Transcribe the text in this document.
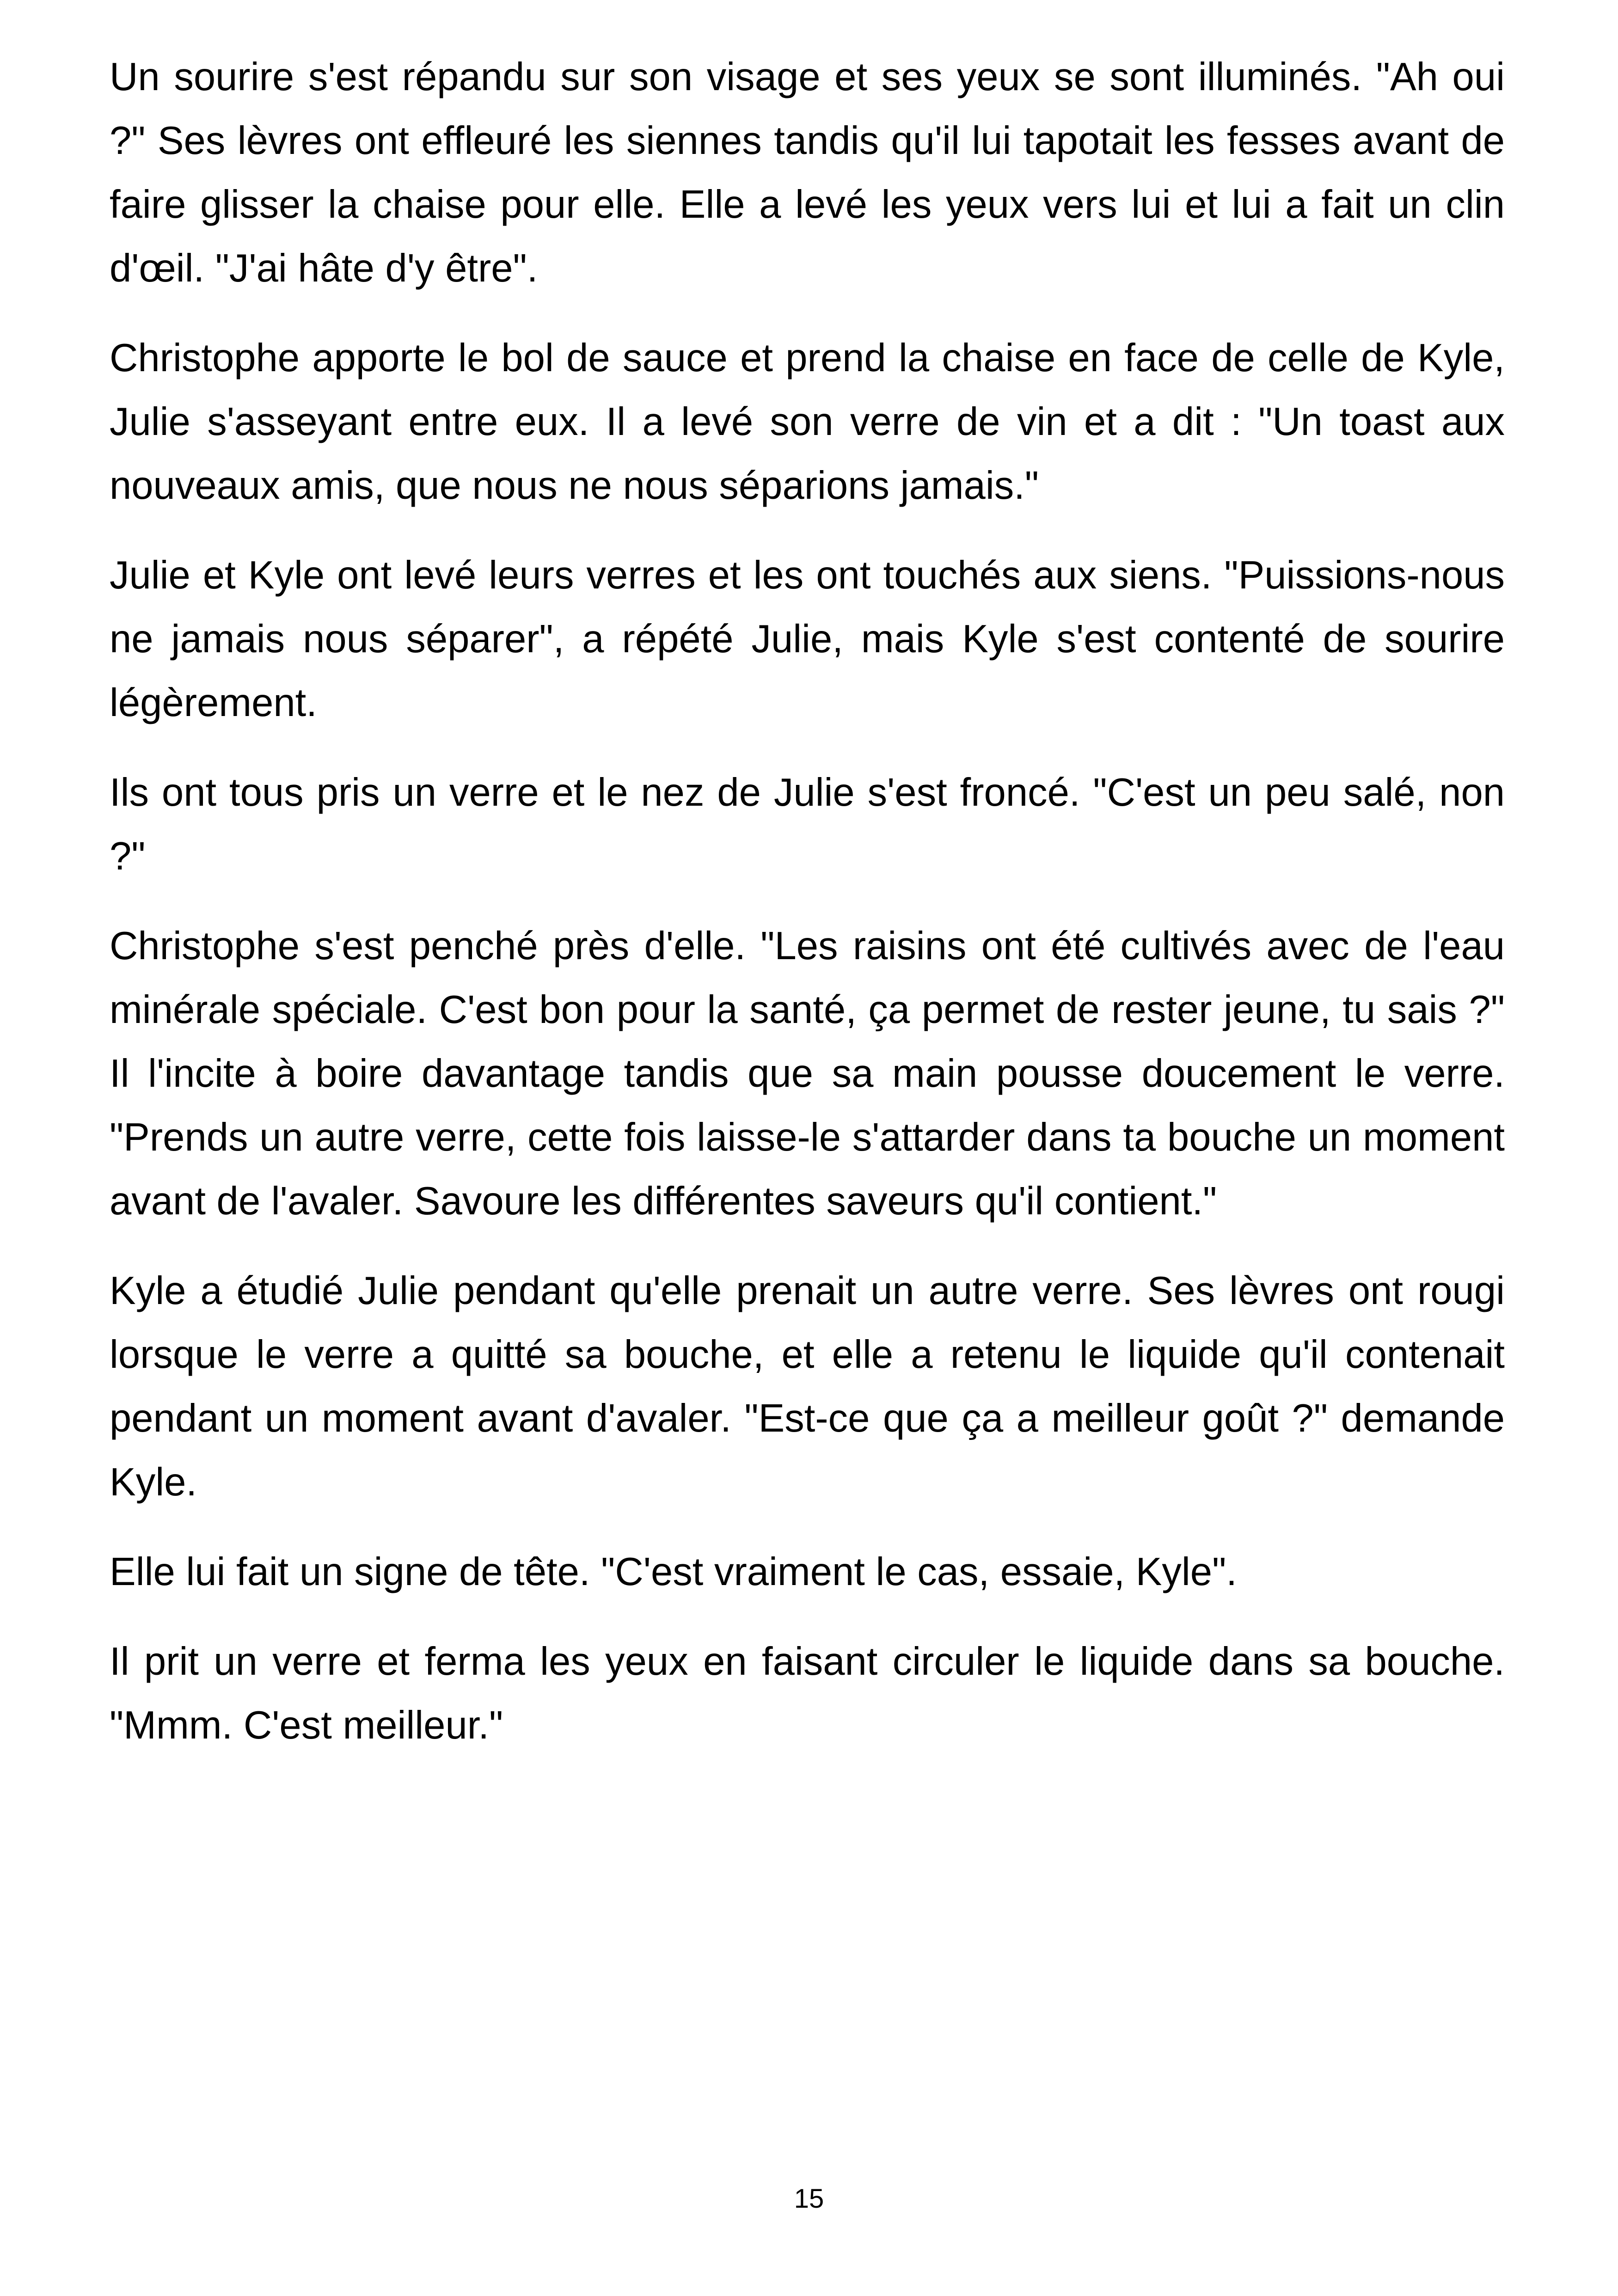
Un sourire s'est répandu sur son visage et ses yeux se sont illuminés. "Ah oui ?" Ses lèvres ont effleuré les siennes tandis qu'il lui tapotait les fesses avant de faire glisser la chaise pour elle. Elle a levé les yeux vers lui et lui a fait un clin d'œil. "J'ai hâte d'y être".

Christophe apporte le bol de sauce et prend la chaise en face de celle de Kyle, Julie s'asseyant entre eux. Il a levé son verre de vin et a dit : "Un toast aux nouveaux amis, que nous ne nous séparions jamais."

Julie et Kyle ont levé leurs verres et les ont touchés aux siens. "Puissions-nous ne jamais nous séparer", a répété Julie, mais Kyle s'est contenté de sourire légèrement.

Ils ont tous pris un verre et le nez de Julie s'est froncé. "C'est un peu salé, non ?"

Christophe s'est penché près d'elle. "Les raisins ont été cultivés avec de l'eau minérale spéciale. C'est bon pour la santé, ça permet de rester jeune, tu sais ?" Il l'incite à boire davantage tandis que sa main pousse doucement le verre. "Prends un autre verre, cette fois laisse-le s'attarder dans ta bouche un moment avant de l'avaler. Savoure les différentes saveurs qu'il contient."

Kyle a étudié Julie pendant qu'elle prenait un autre verre. Ses lèvres ont rougi lorsque le verre a quitté sa bouche, et elle a retenu le liquide qu'il contenait pendant un moment avant d'avaler. "Est-ce que ça a meilleur goût ?" demande Kyle.

Elle lui fait un signe de tête. "C'est vraiment le cas, essaie, Kyle".

Il prit un verre et ferma les yeux en faisant circuler le liquide dans sa bouche. "Mmm. C'est meilleur."

15
